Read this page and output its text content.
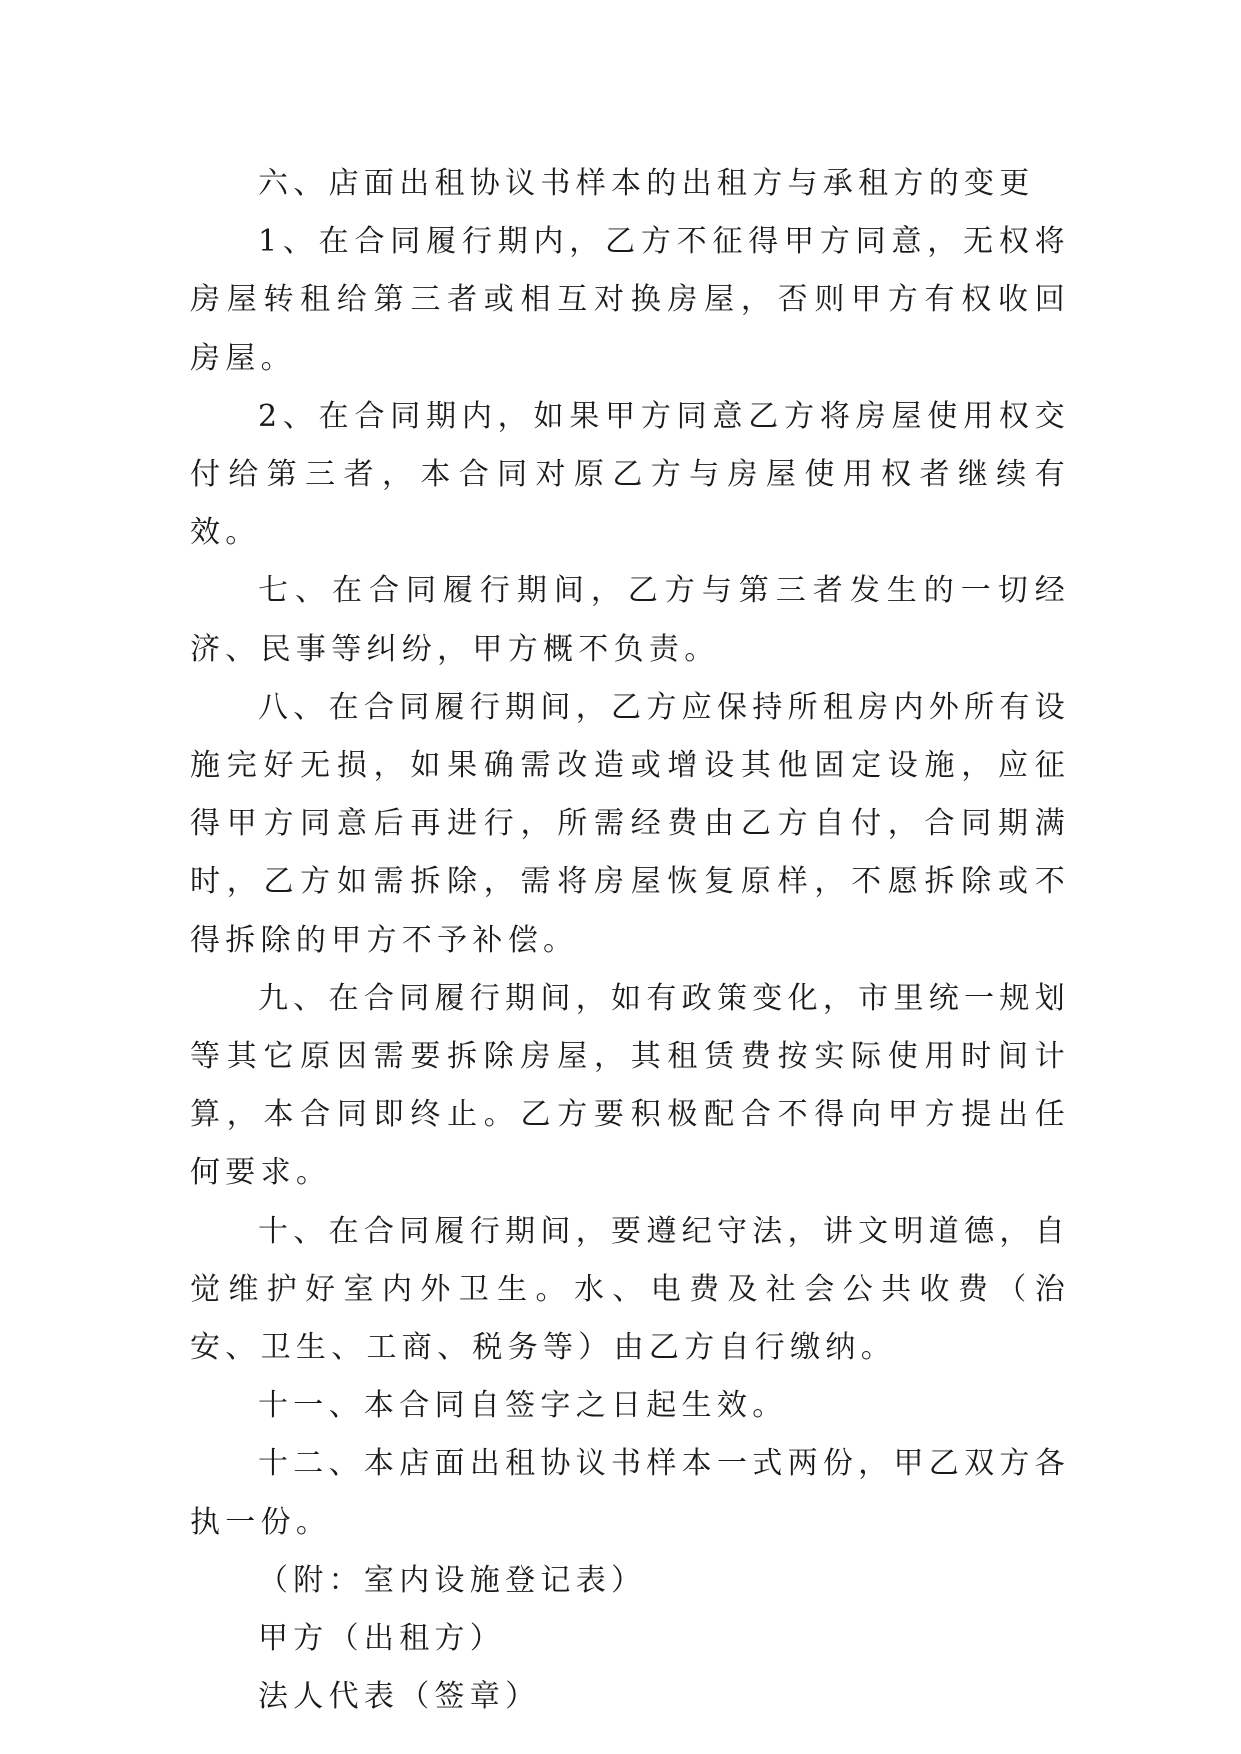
六、店面出租协议书样本的出租方与承租方的变更

1、在合同履行期内，乙方不征得甲方同意，无权将房屋转租给第三者或相互对换房屋，否则甲方有权收回房屋。

2、在合同期内，如果甲方同意乙方将房屋使用权交付给第三者，本合同对原乙方与房屋使用权者继续有效。

七、在合同履行期间，乙方与第三者发生的一切经济、民事等纠纷，甲方概不负责。

八、在合同履行期间，乙方应保持所租房内外所有设施完好无损，如果确需改造或增设其他固定设施，应征得甲方同意后再进行，所需经费由乙方自付，合同期满时，乙方如需拆除，需将房屋恢复原样，不愿拆除或不得拆除的甲方不予补偿。

九、在合同履行期间，如有政策变化，市里统一规划等其它原因需要拆除房屋，其租赁费按实际使用时间计算，本合同即终止。乙方要积极配合不得向甲方提出任何要求。

十、在合同履行期间，要遵纪守法，讲文明道德，自觉维护好室内外卫生。水、电费及社会公共收费（治安、卫生、工商、税务等）由乙方自行缴纳。

十一、本合同自签字之日起生效。

十二、本店面出租协议书样本一式两份，甲乙双方各执一份。

（附：室内设施登记表）

甲方（出租方）

法人代表（签章）
